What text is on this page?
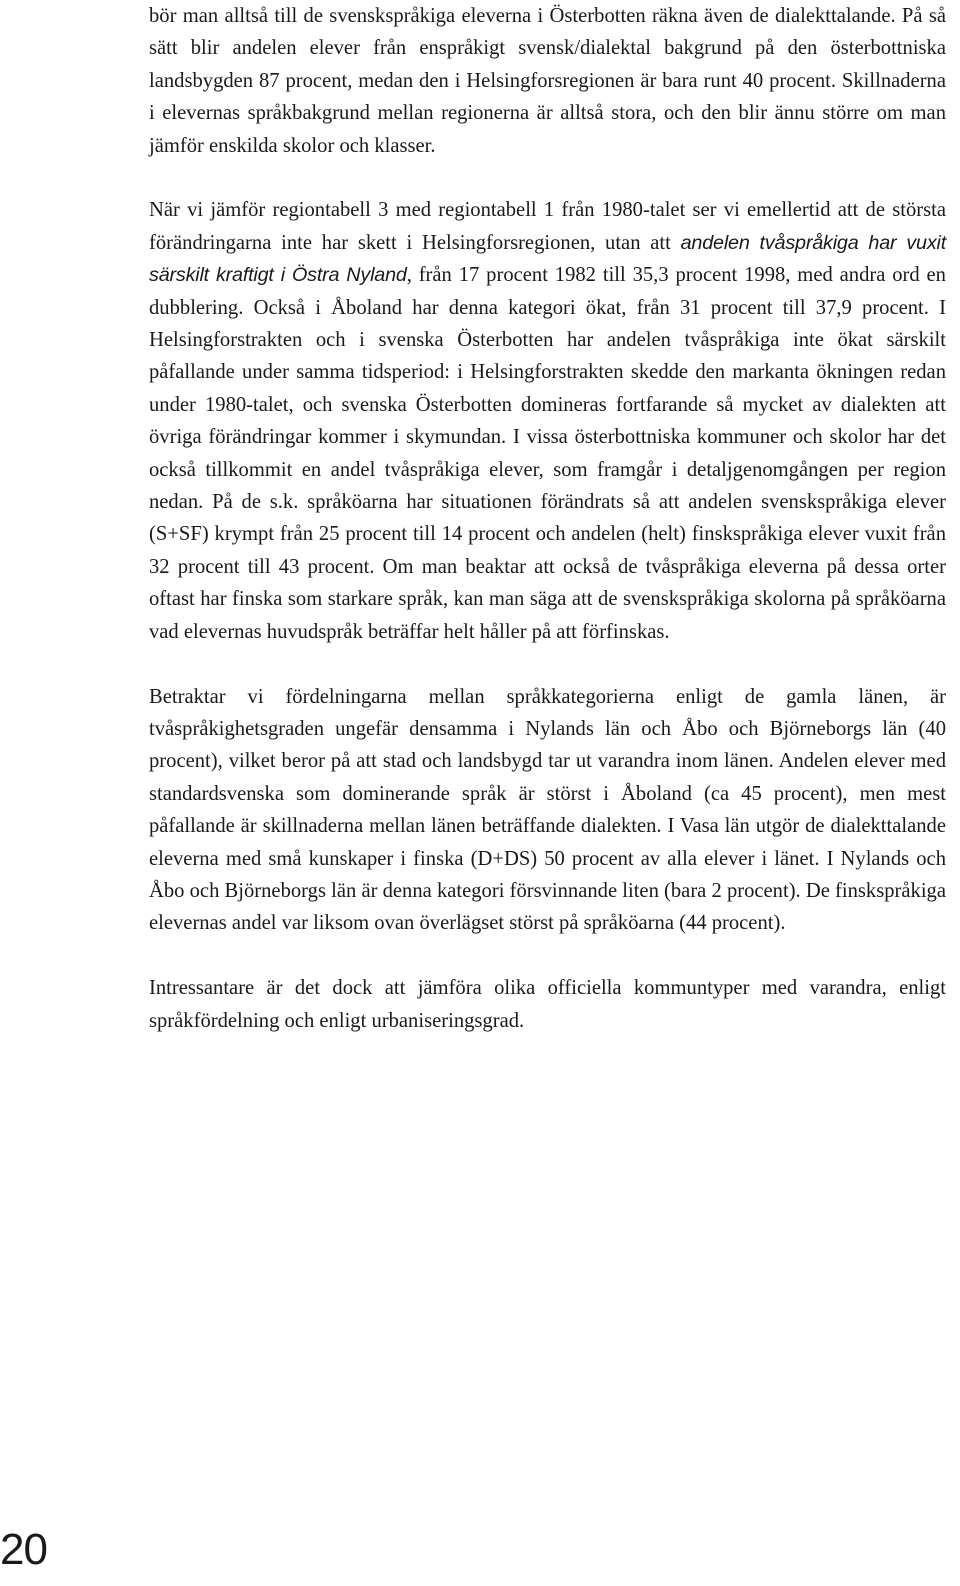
bör man alltså till de svenskspråkiga eleverna i Österbotten räkna även de dialekttalande. På så sätt blir andelen elever från enspråkigt svensk/dialektal bakgrund på den österbottniska landsbygden 87 procent, medan den i Helsingforsregionen är bara runt 40 procent. Skillnaderna i elevernas språkbakgrund mellan regionerna är alltså stora, och den blir ännu större om man jämför enskilda skolor och klasser.

När vi jämför regiontabell 3 med regiontabell 1 från 1980-talet ser vi emellertid att de största förändringarna inte har skett i Helsingforsregionen, utan att andelen tvåspråkiga har vuxit särskilt kraftigt i Östra Nyland, från 17 procent 1982 till 35,3 procent 1998, med andra ord en dubblering. Också i Åboland har denna kategori ökat, från 31 procent till 37,9 procent. I Helsingforstrakten och i svenska Österbotten har andelen tvåspråkiga inte ökat särskilt påfallande under samma tidsperiod: i Helsingforstrakten skedde den markanta ökningen redan under 1980-talet, och svenska Österbotten domineras fortfarande så mycket av dialekten att övriga förändringar kommer i skymundan. I vissa österbottniska kommuner och skolor har det också tillkommit en andel tvåspråkiga elever, som framgår i detaljgenomgången per region nedan. På de s.k. språköarna har situationen förändrats så att andelen svenskspråkiga elever (S+SF) krympt från 25 procent till 14 procent och andelen (helt) finskspråkiga elever vuxit från 32 procent till 43 procent. Om man beaktar att också de tvåspråkiga eleverna på dessa orter oftast har finska som starkare språk, kan man säga att de svenskspråkiga skolorna på språköarna vad elevernas huvudspråk beträffar helt håller på att förfinskas.

Betraktar vi fördelningarna mellan språkkategorierna enligt de gamla länen, är tvåspråkighetsgraden ungefär densamma i Nylands län och Åbo och Björneborgs län (40 procent), vilket beror på att stad och landsbygd tar ut varandra inom länen. Andelen elever med standardsvenska som dominerande språk är störst i Åboland (ca 45 procent), men mest påfallande är skillnaderna mellan länen beträffande dialekten. I Vasa län utgör de dialekttalande eleverna med små kunskaper i finska (D+DS) 50 procent av alla elever i länet. I Nylands och Åbo och Björneborgs län är denna kategori försvinnande liten (bara 2 procent). De finskspråkiga elevernas andel var liksom ovan överlägset störst på språköarna (44 procent).

Intressantare är det dock att jämföra olika officiella kommuntyper med varandra, enligt språkfördelning och enligt urbaniseringsgrad.

20
